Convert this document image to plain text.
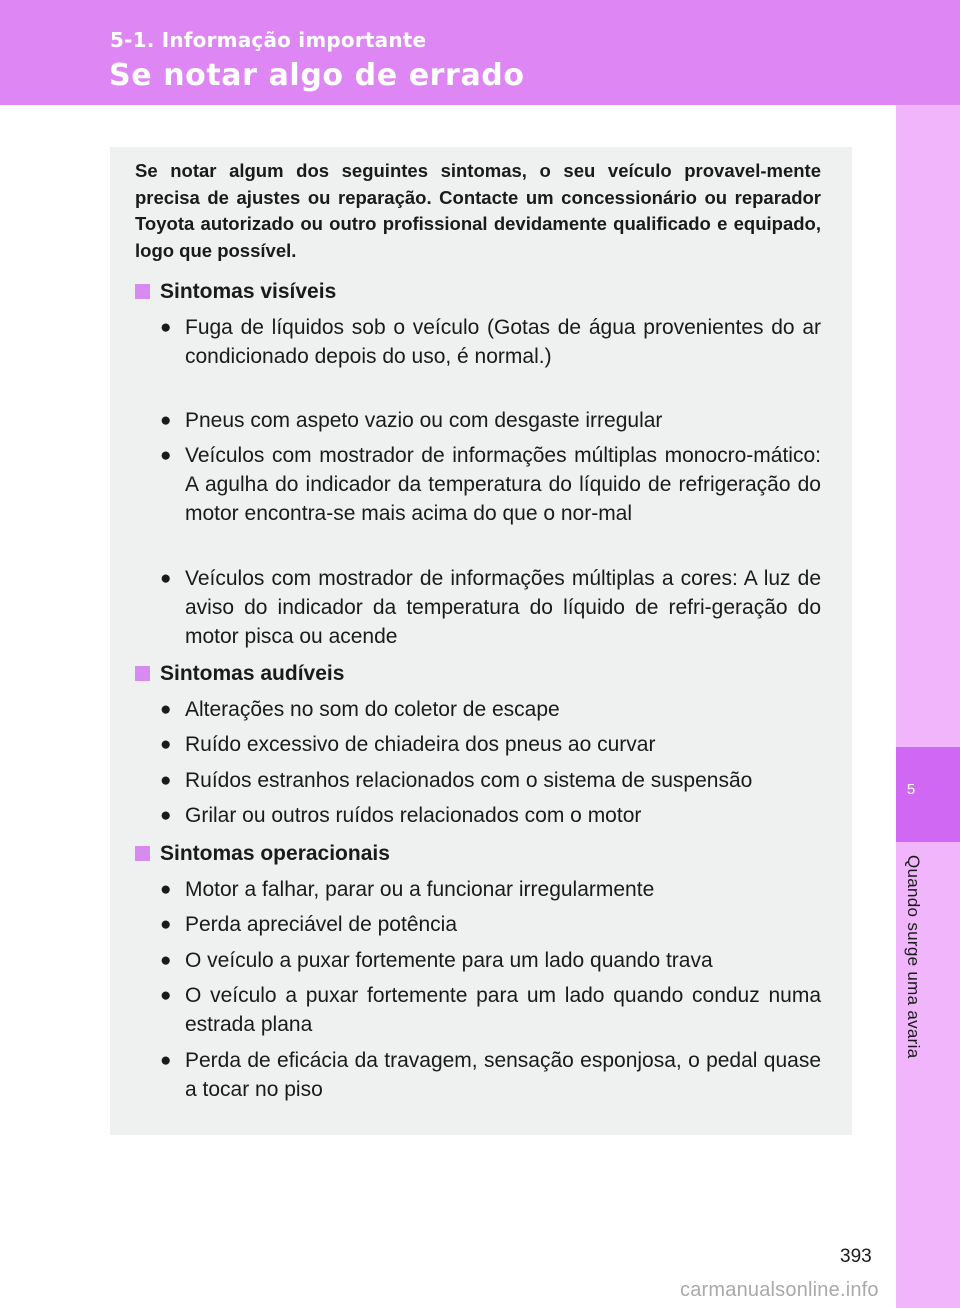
5-1. Informação importante

Se notar algo de errado
5
Quando surge uma avaria

Se notar algum dos seguintes sintomas, o seu veículo provavel-mente precisa de ajustes ou reparação. Contacte um concessionário ou reparador Toyota autorizado ou outro profissional devidamente qualificado e equipado, logo que possível.

Sintomas visíveis
● Fuga de líquidos sob o veículo (Gotas de água provenientes do ar condicionado depois do uso, é normal.)
● Pneus com aspeto vazio ou com desgaste irregular
● Veículos com mostrador de informações múltiplas monocro-mático: A agulha do indicador da temperatura do líquido de refrigeração do motor encontra-se mais acima do que o nor-mal
● Veículos com mostrador de informações múltiplas a cores: A luz de aviso do indicador da temperatura do líquido de refri-geração do motor pisca ou acende
Sintomas audíveis
● Alterações no som do coletor de escape
● Ruído excessivo de chiadeira dos pneus ao curvar
● Ruídos estranhos relacionados com o sistema de suspensão
● Grilar ou outros ruídos relacionados com o motor
Sintomas operacionais
● Motor a falhar, parar ou a funcionar irregularmente
● Perda apreciável de potência
● O veículo a puxar fortemente para um lado quando trava
● O veículo a puxar fortemente para um lado quando conduz numa estrada plana
● Perda de eficácia da travagem, sensação esponjosa, o pedal quase a tocar no piso
393
carmanualsonline.info
